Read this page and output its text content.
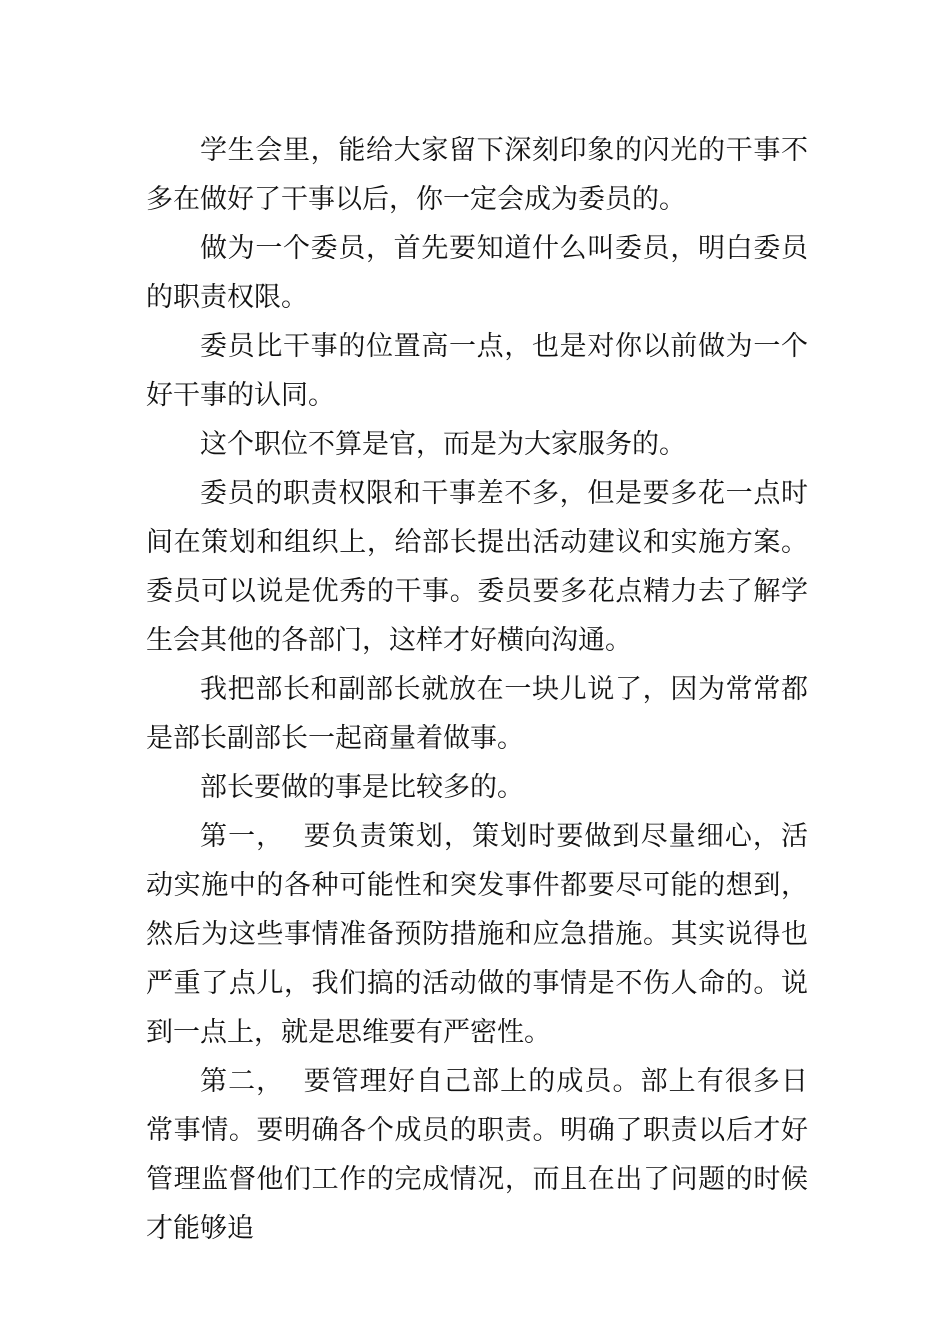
学生会里，能给大家留下深刻印象的闪光的干事不多在做好了干事以后，你一定会成为委员的。

做为一个委员，首先要知道什么叫委员，明白委员的职责权限。

委员比干事的位置高一点，也是对你以前做为一个好干事的认同。

这个职位不算是官，而是为大家服务的。

委员的职责权限和干事差不多，但是要多花一点时间在策划和组织上，给部长提出活动建议和实施方案。委员可以说是优秀的干事。委员要多花点精力去了解学生会其他的各部门，这样才好横向沟通。

我把部长和副部长就放在一块儿说了，因为常常都是部长副部长一起商量着做事。

部长要做的事是比较多的。

第一，  要负责策划，策划时要做到尽量细心，活动实施中的各种可能性和突发事件都要尽可能的想到，然后为这些事情准备预防措施和应急措施。其实说得也严重了点儿，我们搞的活动做的事情是不伤人命的。说到一点上，就是思维要有严密性。

第二，  要管理好自己部上的成员。部上有很多日常事情。要明确各个成员的职责。明确了职责以后才好管理监督他们工作的完成情况，而且在出了问题的时候才能够追
